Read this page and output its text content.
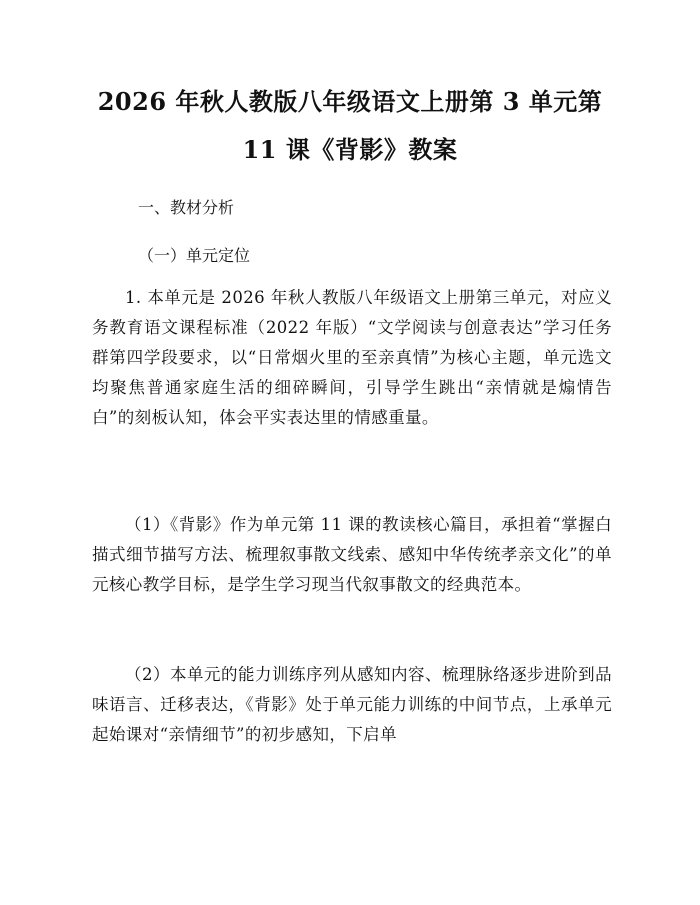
2026 年秋人教版八年级语文上册第 3 单元第
11 课《背影》教案

一、教材分析

（一）单元定位

1. 本单元是 2026 年秋人教版八年级语文上册第三单元，对应义务教育语文课程标准（2022 年版）“文学阅读与创意表达”学习任务群第四学段要求，以“日常烟火里的至亲真情”为核心主题，单元选文均聚焦普通家庭生活的细碎瞬间，引导学生跳出“亲情就是煽情告白”的刻板认知，体会平实表达里的情感重量。

（1）《背影》作为单元第 11 课的教读核心篇目，承担着“掌握白描式细节描写方法、梳理叙事散文线索、感知中华传统孝亲文化”的单元核心教学目标，是学生学习现当代叙事散文的经典范本。

（2）本单元的能力训练序列从感知内容、梳理脉络逐步进阶到品味语言、迁移表达，《背影》处于单元能力训练的中间节点，上承单元起始课对“亲情细节”的初步感知，下启单
